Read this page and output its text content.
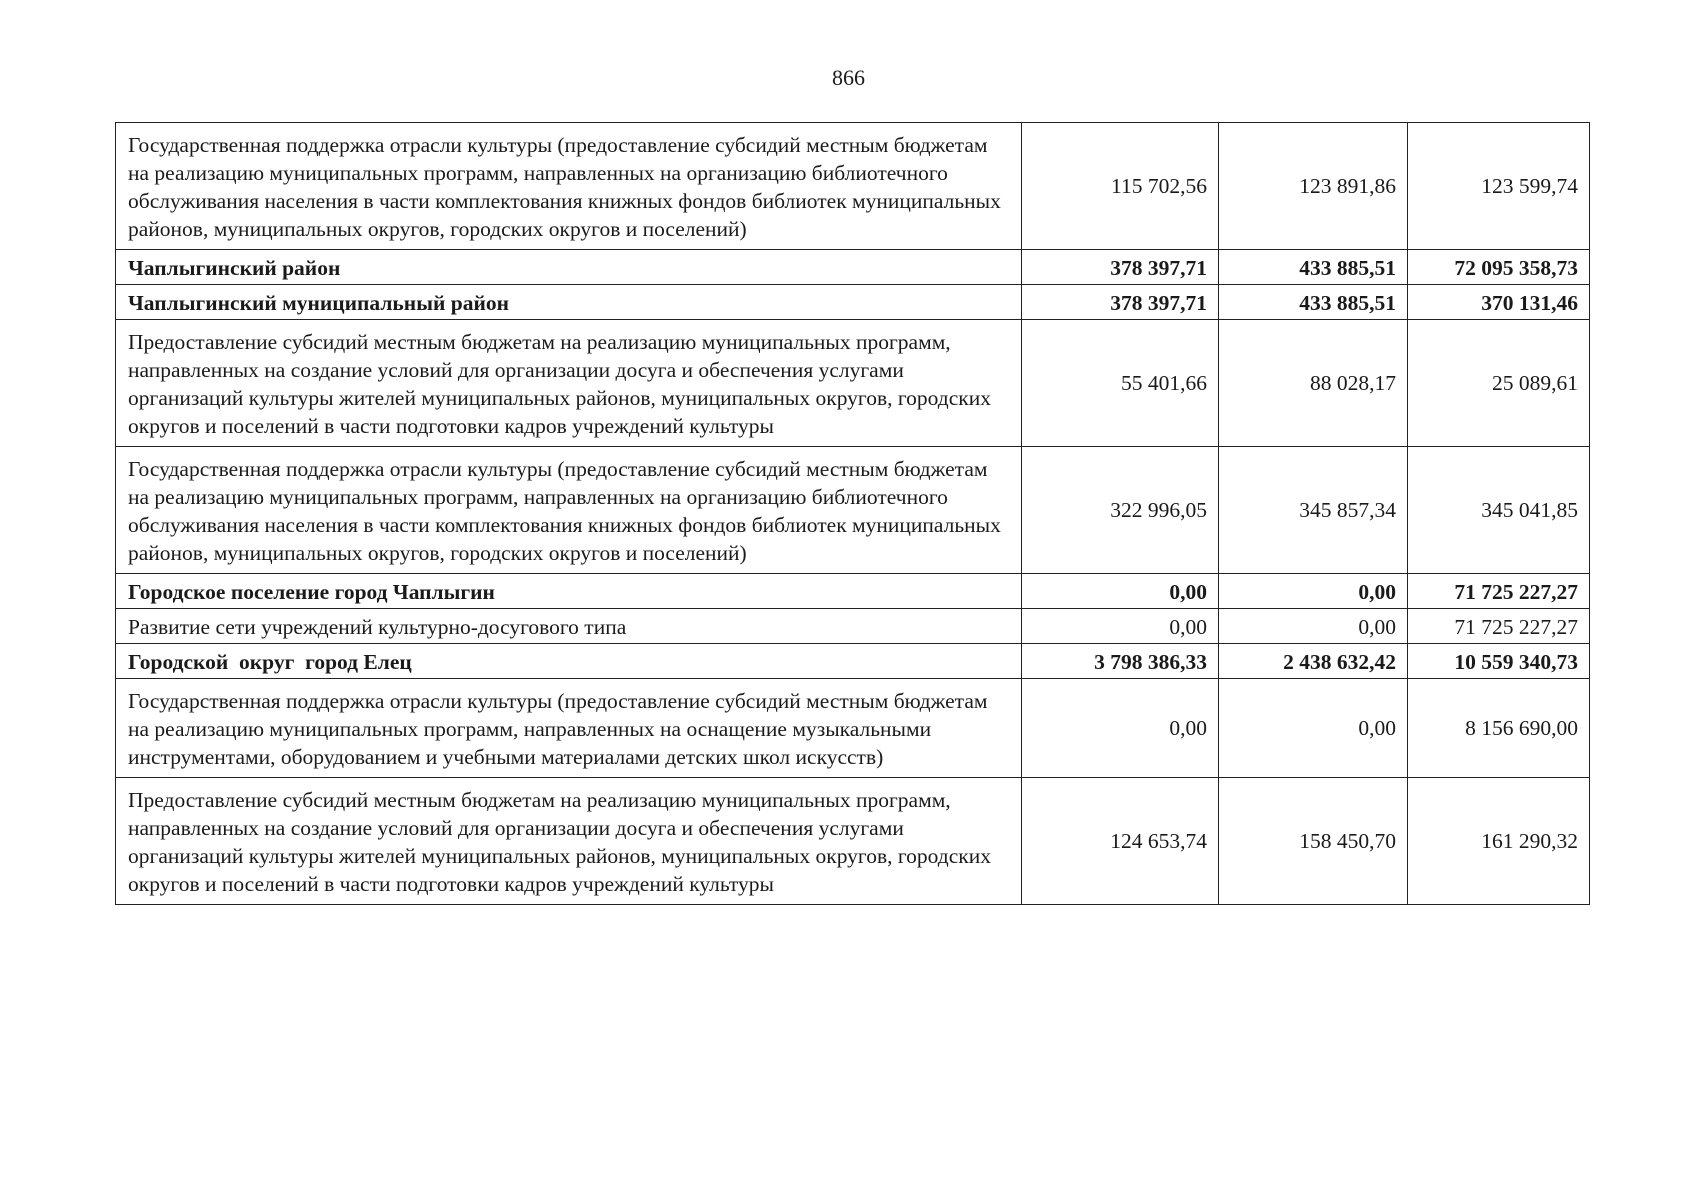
866
Государственная поддержка отрасли культуры (предоставление субсидий местным бюджетам на реализацию муниципальных программ, направленных на организацию библиотечного обслуживания населения в части комплектования книжных фондов библиотек муниципальных районов, муниципальных округов, городских округов и поселений)	115 702,56	123 891,86	123 599,74
Чаплыгинский район	378 397,71	433 885,51	72 095 358,73
Чаплыгинский муниципальный район	378 397,71	433 885,51	370 131,46
Предоставление субсидий местным бюджетам на реализацию муниципальных программ, направленных на создание условий для организации досуга и обеспечения услугами организаций культуры жителей муниципальных районов, муниципальных округов, городских округов и поселений в части подготовки кадров учреждений культуры	55 401,66	88 028,17	25 089,61
Государственная поддержка отрасли культуры (предоставление субсидий местным бюджетам на реализацию муниципальных программ, направленных на организацию библиотечного обслуживания населения в части комплектования книжных фондов библиотек муниципальных районов, муниципальных округов, городских округов и поселений)	322 996,05	345 857,34	345 041,85
Городское поселение город Чаплыгин	0,00	0,00	71 725 227,27
Развитие сети учреждений культурно-досугового типа	0,00	0,00	71 725 227,27
Городской  округ  город Елец	3 798 386,33	2 438 632,42	10 559 340,73
Государственная поддержка отрасли культуры (предоставление субсидий местным бюджетам на реализацию муниципальных программ, направленных на оснащение музыкальными инструментами, оборудованием и учебными материалами детских школ искусств)	0,00	0,00	8 156 690,00
Предоставление субсидий местным бюджетам на реализацию муниципальных программ, направленных на создание условий для организации досуга и обеспечения услугами организаций культуры жителей муниципальных районов, муниципальных округов, городских округов и поселений в части подготовки кадров учреждений культуры	124 653,74	158 450,70	161 290,32
